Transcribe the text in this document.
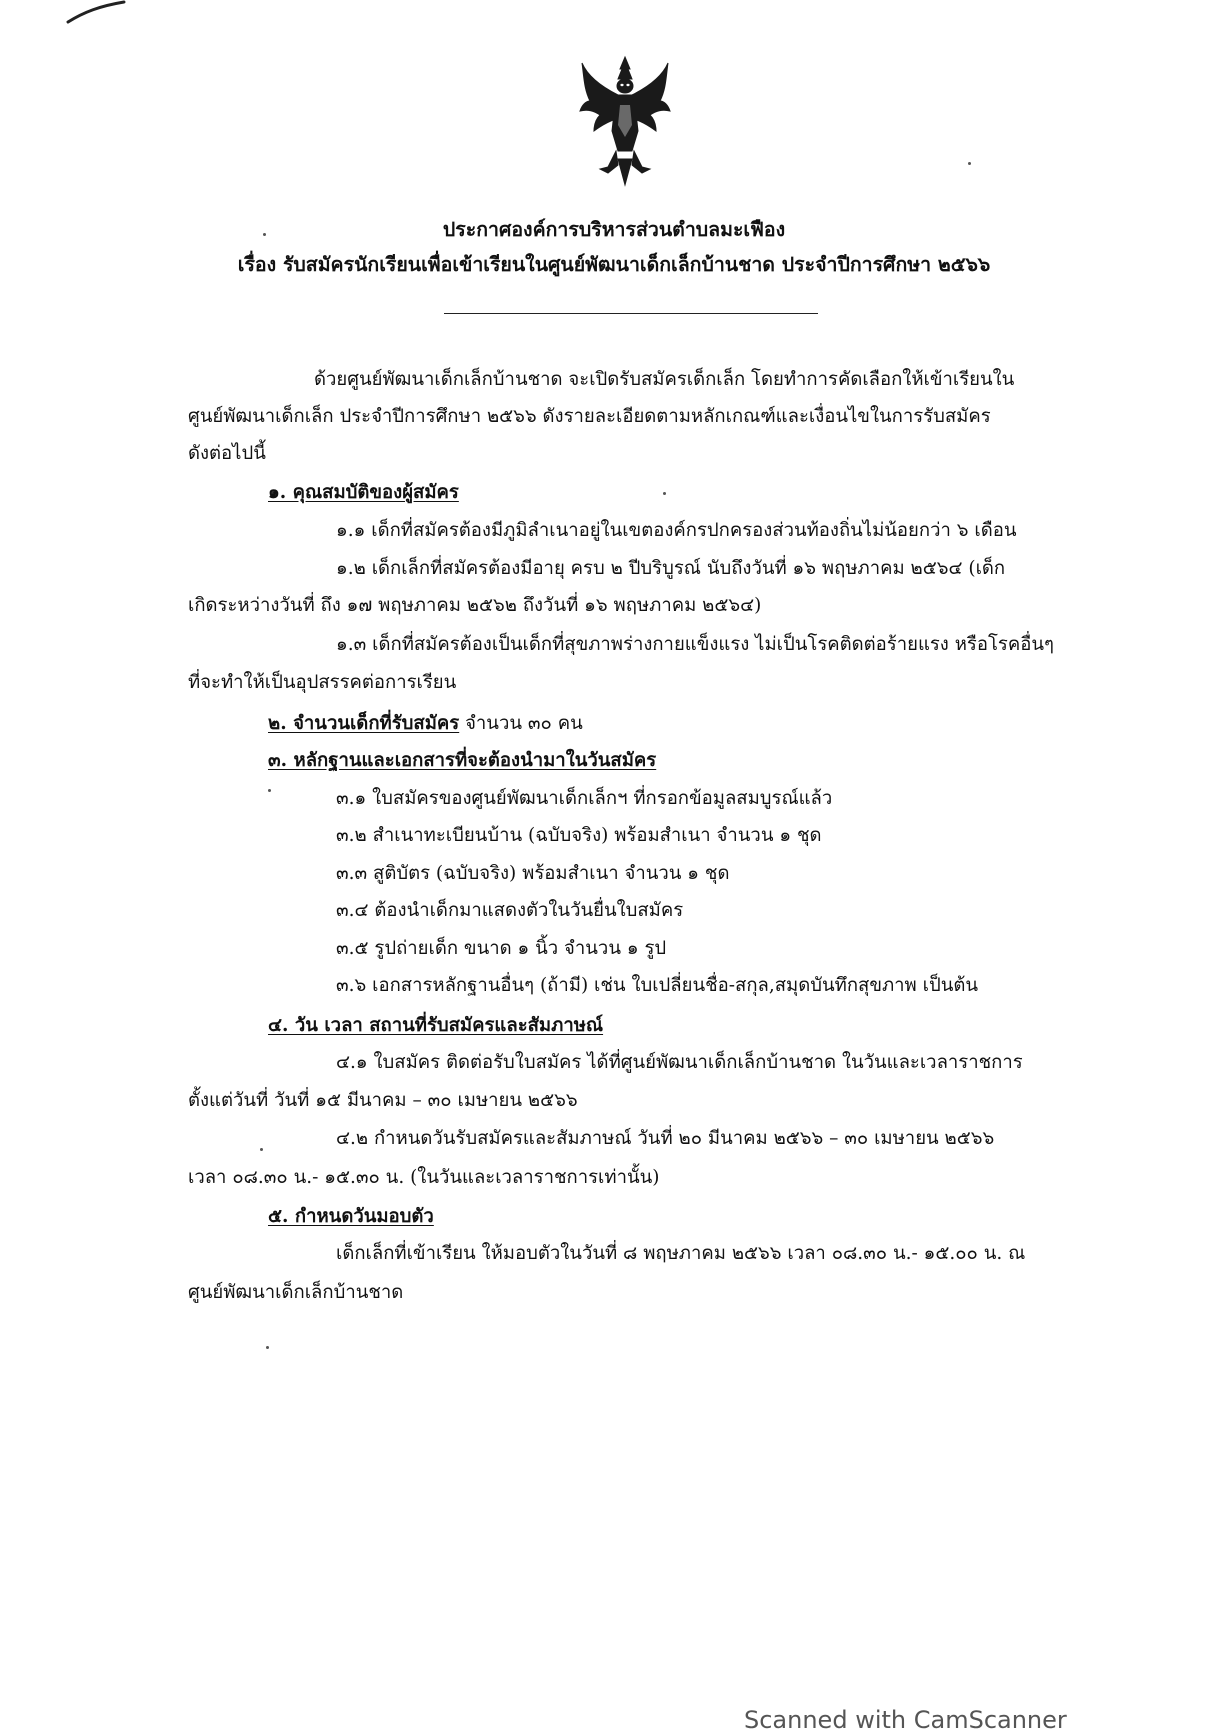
ประกาศองค์การบริหารส่วนตำบลมะเฟือง
เรื่อง รับสมัครนักเรียนเพื่อเข้าเรียนในศูนย์พัฒนาเด็กเล็กบ้านชาด ประจำปีการศึกษา ๒๕๖๖
ด้วยศูนย์พัฒนาเด็กเล็กบ้านชาด จะเปิดรับสมัครเด็กเล็ก โดยทำการคัดเลือกให้เข้าเรียนใน
ศูนย์พัฒนาเด็กเล็ก ประจำปีการศึกษา ๒๕๖๖ ดังรายละเอียดตามหลักเกณฑ์และเงื่อนไขในการรับสมัคร
ดังต่อไปนี้
๑. คุณสมบัติของผู้สมัคร
๑.๑ เด็กที่สมัครต้องมีภูมิลำเนาอยู่ในเขตองค์กรปกครองส่วนท้องถิ่นไม่น้อยกว่า ๖ เดือน
๑.๒ เด็กเล็กที่สมัครต้องมีอายุ ครบ ๒ ปีบริบูรณ์ นับถึงวันที่ ๑๖ พฤษภาคม ๒๕๖๔ (เด็ก
เกิดระหว่างวันที่ ถึง ๑๗ พฤษภาคม ๒๕๖๒ ถึงวันที่ ๑๖ พฤษภาคม ๒๕๖๔)
๑.๓ เด็กที่สมัครต้องเป็นเด็กที่สุขภาพร่างกายแข็งแรง ไม่เป็นโรคติดต่อร้ายแรง หรือโรคอื่นๆ
ที่จะทำให้เป็นอุปสรรคต่อการเรียน
๒. จำนวนเด็กที่รับสมัคร จำนวน ๓๐ คน
๓. หลักฐานและเอกสารที่จะต้องนำมาในวันสมัคร
๓.๑ ใบสมัครของศูนย์พัฒนาเด็กเล็กฯ ที่กรอกข้อมูลสมบูรณ์แล้ว
๓.๒ สำเนาทะเบียนบ้าน (ฉบับจริง) พร้อมสำเนา จำนวน ๑ ชุด
๓.๓ สูติบัตร (ฉบับจริง) พร้อมสำเนา จำนวน ๑ ชุด
๓.๔ ต้องนำเด็กมาแสดงตัวในวันยื่นใบสมัคร
๓.๕ รูปถ่ายเด็ก ขนาด ๑ นิ้ว จำนวน ๑ รูป
๓.๖ เอกสารหลักฐานอื่นๆ (ถ้ามี) เช่น ใบเปลี่ยนชื่อ-สกุล,สมุดบันทึกสุขภาพ เป็นต้น
๔. วัน เวลา สถานที่รับสมัครและสัมภาษณ์
๔.๑ ใบสมัคร ติดต่อรับใบสมัคร ได้ที่ศูนย์พัฒนาเด็กเล็กบ้านชาด ในวันและเวลาราชการ
ตั้งแต่วันที่ วันที่ ๑๕ มีนาคม – ๓๐ เมษายน ๒๕๖๖
๔.๒ กำหนดวันรับสมัครและสัมภาษณ์ วันที่ ๒๐ มีนาคม ๒๕๖๖ – ๓๐ เมษายน ๒๕๖๖
เวลา ๐๘.๓๐ น.- ๑๕.๓๐ น. (ในวันและเวลาราชการเท่านั้น)
๕. กำหนดวันมอบตัว
เด็กเล็กที่เข้าเรียน ให้มอบตัวในวันที่ ๘ พฤษภาคม ๒๕๖๖ เวลา ๐๘.๓๐ น.- ๑๕.๐๐ น. ณ
ศูนย์พัฒนาเด็กเล็กบ้านชาด
Scanned with CamScanner
